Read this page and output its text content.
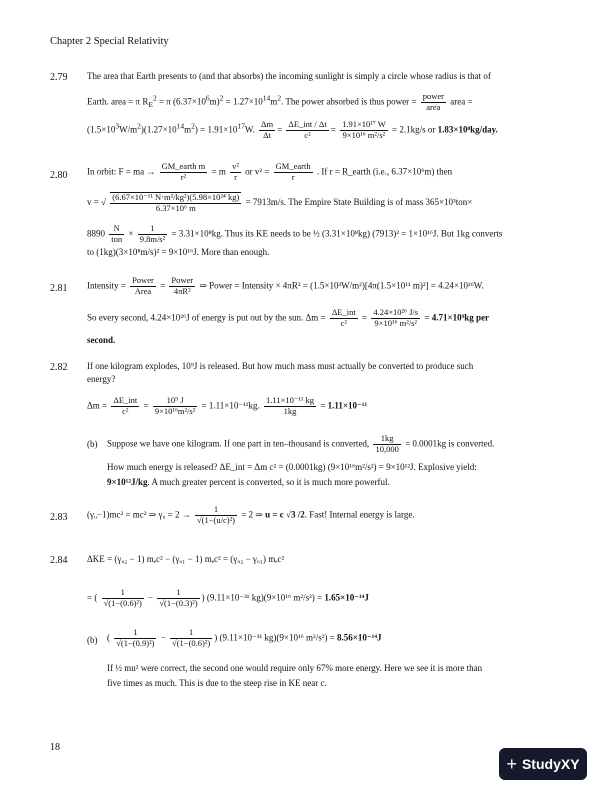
Chapter 2 Special Relativity
2.79 The area that Earth presents to (and that absorbs) the incoming sunlight is simply a circle whose radius is that of
Earth. area = π $R_E^2 = \pi$ $(6.37\times 10^6m)^2 = 1.27\times 10^{14}m^2$. The power absorbed is thus power = $\frac{\text{power}}{\text{area}}$ area =
$(1.5\times 10^3W/m^2)(1.27\times 10^{14}m^2) = 1.91\times 10^{17}W$. $\frac{\Delta m}{\Delta t} = \frac{\text{ΔE\_int / Δt}}{\text{c²}} = \frac{\text{1.91×10¹⁷ W}}{\text{9×10¹⁶ m²/s²}} = 2.1kg/s$ or 1.83×10⁸kg/day.
2.80 In orbit: F = ma → $\frac{\text{GM\_earth m}}{\text{r²}} = m \frac{\text{v²}}{r}$ or $v^2 = \frac{\text{GM\_earth}}{r}$ . If r = R_earth (i.e., 6.37×10⁶m) then
v = √ $\frac{\text{(6.67×10⁻¹¹ N·m²/kg²)(5.98×10²⁴ kg)}}{\text{6.37×10⁶ m}} = 7913m/s$. The Empire State Building is of mass 365×10³ton×
$8890 \frac{N}{\text{ton}} \times \frac{1}{\text{9.8m/s²}} = 3.31\times 10^8kg$. Thus its KE needs to be ½ (3.31×10⁸kg) (7913)² = 1×10¹⁶J. But 1kg converts
to (1kg)(3×10⁸m/s)² = 9×10¹⁶J. More than enough.
2.81 Intensity = $\frac{\text{Power}}{\text{Area}} = \frac{\text{Power}}{\text{4πR²}}$ ⇒ Power = Intensity × 4πR² = (1.5×10³W/m²)[4π(1.5×10¹¹ m)²] = 4.24×10²⁶W.
So every second, 4.24×10²⁶J of energy is put out by the sun. $\Delta m = \frac{\text{ΔE\_int}}{\text{c²}} = \frac{\text{4.24×10²⁶ J/s}}{\text{9×10¹⁶ m²/s²}} = 4.71\times 10^9kg$ per
second.
2.82 If one kilogram explodes, 10⁹J is released. But how much mass must actually be converted to produce such
energy?
$\Delta m = \frac{\text{ΔE\_int}}{\text{c²}} = \frac{\text{10⁹ J}}{\text{9×10¹⁶m²/s²}} = 1.11\times 10^{-11}kg$. $\frac{\text{1.11×10⁻¹¹ kg}}{1kg} = 1.11\times 10^{-11}$
(b) Suppose we have one kilogram. If one part in ten–thousand is converted, $\frac{1kg}{10,000} = 0.0001kg$ is converted.
How much energy is released? ΔE_int = Δm c² = (0.0001kg) (9×10¹⁶m²/s²) = 9×10¹²J. Explosive yield:
9×10¹²J/kg. A much greater percent is converted, so it is much more powerful.
2.83 (γᵤ−1)mc² = mc² ⇒ γᵤ = $2 \to \frac{1}{\text{√(1−(u/c)²)}} = 2$ ⇒ u = c √3 /2. Fast! Internal energy is large.
2.84 ΔKE = (γᵤ₂ − 1) mₑc² − (γᵤ₁ − 1) mₑc² = (γᵤ₂ − γᵤ₁) mₑc²
= ( $\frac{1}{\text{√(1−(0.6)²)}} - \frac{1}{\text{√(1−(0.3)²)}}$ ) (9.11×10⁻³¹ kg)(9×10¹⁶ m²/s²) = 1.65×10⁻¹⁴J
(b) ( $\frac{1}{\text{√(1−(0.9)²)}} - \frac{1}{\text{√(1−(0.6)²)}}$ ) (9.11×10⁻³¹ kg)(9×10¹⁶ m²/s²) = 8.56×10⁻¹⁴J
If ½ mu² were correct, the second one would require only 67% more energy. Here we see it is more than
five times as much. This is due to the steep rise in KE near c.
18
+ StudyXY
